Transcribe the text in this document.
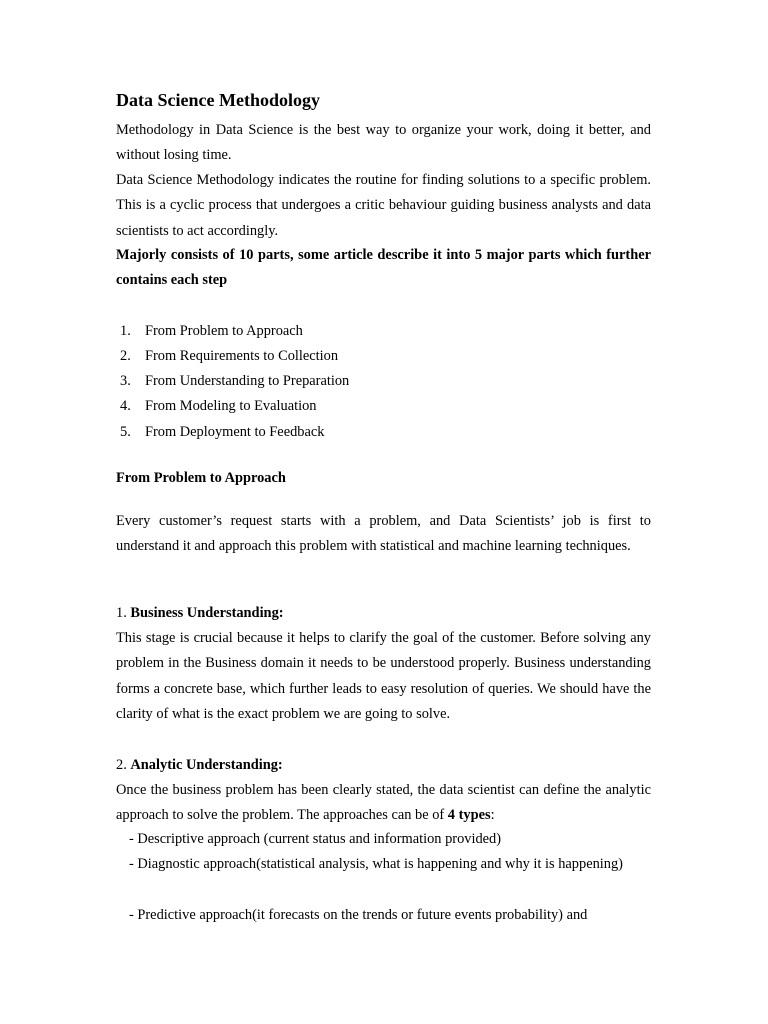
Data Science Methodology

Methodology in Data Science is the best way to organize your work, doing it better, and without losing time.

Data Science Methodology indicates the routine for finding solutions to a specific problem. This is a cyclic process that undergoes a critic behaviour guiding business analysts and data scientists to act accordingly.

Majorly consists of 10 parts, some article describe it into 5 major parts which further contains each step

1. From Problem to Approach
2. From Requirements to Collection
3. From Understanding to Preparation
4. From Modeling to Evaluation
5. From Deployment to Feedback
From Problem to Approach

Every customer’s request starts with a problem, and Data Scientists’ job is first to understand it and approach this problem with statistical and machine learning techniques.

1. Business Understanding:

This stage is crucial because it helps to clarify the goal of the customer. Before solving any problem in the Business domain it needs to be understood properly. Business understanding forms a concrete base, which further leads to easy resolution of queries. We should have the clarity of what is the exact problem we are going to solve.

2. Analytic Understanding:

Once the business problem has been clearly stated, the data scientist can define the analytic approach to solve the problem. The approaches can be of 4 types:

- Descriptive approach (current status and information provided)

- Diagnostic approach(statistical analysis, what is happening and why it is happening)

- Predictive approach(it forecasts on the trends or future events probability) and
